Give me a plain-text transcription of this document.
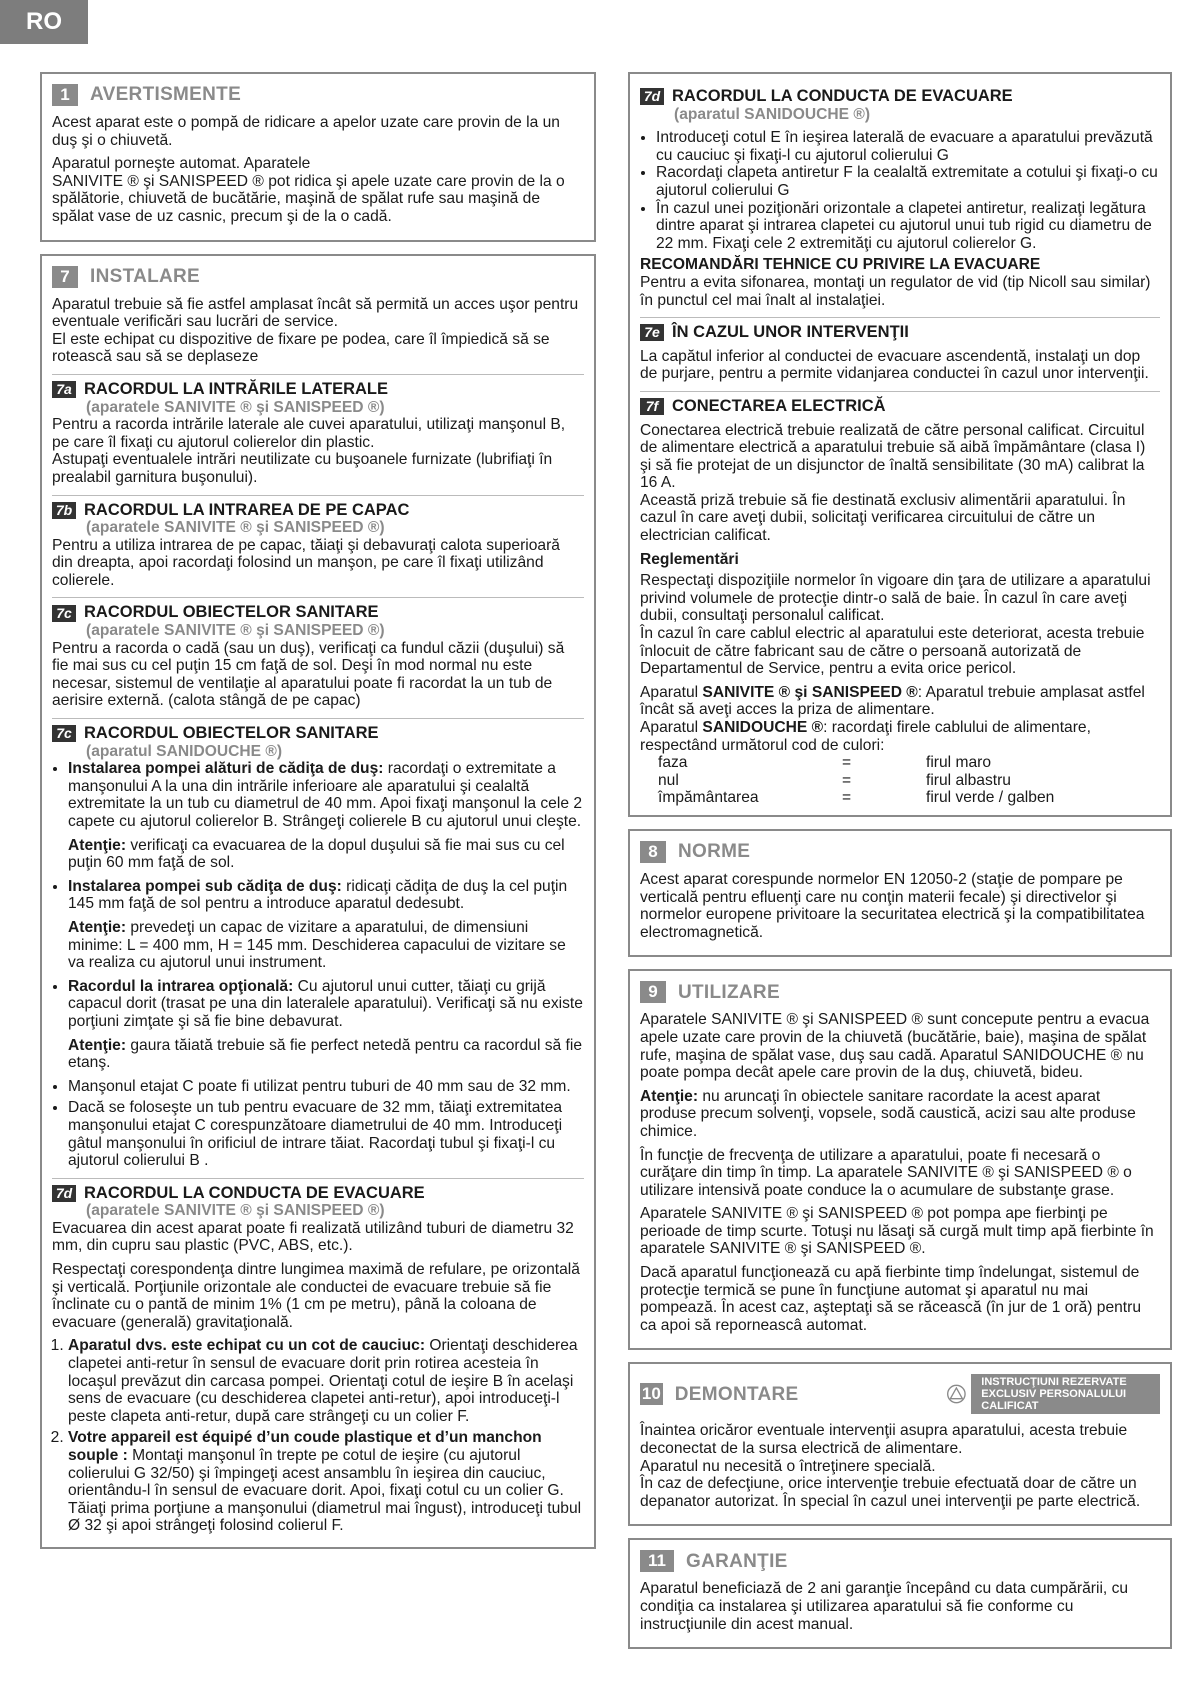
RO
1	AVERTISMENTE

Acest aparat este o pompă de ridicare a apelor uzate care provin de la un duş şi o chiuvetă.

Aparatul porneşte automat. Aparatele

SANIVITE ® şi SANISPEED ® pot ridica şi apele uzate care provin de la o spălătorie, chiuvetă de bucătărie, maşină de spălat rufe sau maşină de spălat vase de uz casnic, precum şi de la o cadă.

7	INSTALARE

Aparatul trebuie să fie astfel amplasat încât să permită un acces uşor pentru eventuale verificări sau lucrări de service.

El este echipat cu dispozitive de fixare pe podea, care îl împiedică să se rotească sau să se deplaseze

7a RACORDUL LA INTRĂRILE LATERALE
(aparatele SANIVITE ® şi SANISPEED ®)

Pentru a racorda intrările laterale ale cuvei aparatului, utilizaţi manşonul B, pe care îl fixaţi cu ajutorul colierelor din plastic.

Astupaţi eventualele intrări neutilizate cu buşoanele furnizate (lubrifiaţi în prealabil garnitura buşonului).

7b RACORDUL LA INTRAREA DE PE CAPAC
(aparatele SANIVITE ® şi SANISPEED ®)

Pentru a utiliza intrarea de pe capac, tăiaţi şi debavuraţi calota superioară din dreapta, apoi racordaţi folosind un manşon, pe care îl fixaţi utilizând colierele.

7c RACORDUL OBIECTELOR SANITARE
(aparatele SANIVITE ® şi SANISPEED ®)

Pentru a racorda o cadă (sau un duş), verificaţi ca fundul căzii (duşului) să fie mai sus cu cel puţin 15 cm faţă de sol. Deşi în mod normal nu este necesar, sistemul de ventilaţie al aparatului poate fi racordat la un tub de aerisire externă. (calota stângă de pe capac)

7c RACORDUL OBIECTELOR SANITARE
(aparatul SANIDOUCHE ®)
• Instalarea pompei alături de cădiţa de duş: racordaţi o extremitate a manşonului A la una din intrările inferioare ale aparatului şi cealaltă extremitate la un tub cu diametrul de 40 mm. Apoi fixaţi manşonul la cele 2 capete cu ajutorul colierelor B. Strângeţi colierele B cu ajutorul unui cleşte.

Atenţie: verificaţi ca evacuarea de la dopul duşului să fie mai sus cu cel puţin 60 mm faţă de sol.

• Instalarea pompei sub cădiţa de duş: ridicaţi cădiţa de duş la cel puţin 145 mm faţă de sol pentru a introduce aparatul dedesubt.

Atenţie: prevedeţi un capac de vizitare a aparatului, de dimensiuni minime: L = 400 mm, H = 145 mm. Deschiderea capacului de vizitare se va realiza cu ajutorul unui instrument.

• Racordul la intrarea opţională: Cu ajutorul unui cutter, tăiaţi cu grijă capacul dorit (trasat pe una din lateralele aparatului). Verificaţi să nu existe porţiuni zimţate şi să fie bine debavurat.

Atenţie: gaura tăiată trebuie să fie perfect netedă pentru ca racordul să fie etanş.

• Manşonul etajat C poate fi utilizat pentru tuburi de 40 mm sau de 32 mm.
• Dacă se foloseşte un tub pentru evacuare de 32 mm, tăiaţi extremitatea manşonului etajat C corespunzătoare diametrului de 40 mm. Introduceţi gâtul manşonului în orificiul de intrare tăiat. Racordaţi tubul şi fixaţi-l cu ajutorul colierului B .
7d RACORDUL LA CONDUCTA DE EVACUARE
(aparatele SANIVITE ® şi SANISPEED ®)

Evacuarea din acest aparat poate fi realizată utilizând tuburi de diametru 32 mm, din cupru sau plastic (PVC, ABS, etc.).

Respectaţi corespondenţa dintre lungimea maximă de refulare, pe orizontală şi verticală. Porţiunile orizontale ale conductei de evacuare trebuie să fie înclinate cu o pantă de minim 1% (1 cm pe metru), până la coloana de evacuare (generală) gravitaţională.

1. Aparatul dvs. este echipat cu un cot de cauciuc: Orientaţi deschiderea clapetei anti-retur în sensul de evacuare dorit prin rotirea acesteia în locaşul prevăzut din carcasa pompei. Orientaţi cotul de ieşire B în acelaşi sens de evacuare (cu deschiderea clapetei anti-retur), apoi introduceţi-l peste clapeta anti-retur, după care strângeţi cu un colier F.
2. Votre appareil est équipé d’un coude plastique et d’un manchon souple : Montaţi manşonul în trepte pe cotul de ieşire (cu ajutorul colierului G 32/50) şi împingeţi acest ansamblu în ieşirea din cauciuc, orientându-l în sensul de evacuare dorit. Apoi, fixaţi cotul cu un colier G. Tăiaţi prima porţiune a manşonului (diametrul mai îngust), introduceţi tubul Ø 32 şi apoi strângeţi folosind colierul F.
7d RACORDUL LA CONDUCTA DE EVACUARE
(aparatul SANIDOUCHE ®)
• Introduceţi cotul E în ieşirea laterală de evacuare a aparatului prevăzută cu cauciuc şi fixaţi-l cu ajutorul colierului G
• Racordaţi clapeta antiretur F la cealaltă extremitate a cotului şi fixaţi-o cu ajutorul colierului G
• În cazul unei poziţionări orizontale a clapetei antiretur, realizaţi legătura dintre aparat şi intrarea clapetei cu ajutorul unui tub rigid cu diametru de 22 mm. Fixaţi cele 2 extremităţi cu ajutorul colierelor G.
RECOMANDĂRI TEHNICE CU PRIVIRE LA EVACUARE

Pentru a evita sifonarea, montaţi un regulator de vid (tip Nicoll sau similar) în punctul cel mai înalt al instalaţiei.

7e ÎN CAZUL UNOR INTERVENŢII

La capătul inferior al conductei de evacuare ascendentă, instalaţi un dop de purjare, pentru a permite vidanjarea conductei în cazul unor intervenţii.

7f CONECTAREA ELECTRICĂ

Conectarea electrică trebuie realizată de către personal calificat. Circuitul de alimentare electrică a aparatului trebuie să aibă împământare (clasa I) şi să fie protejat de un disjunctor de înaltă sensibilitate (30 mA) calibrat la 16 A.

Această priză trebuie să fie destinată exclusiv alimentării aparatului. În cazul în care aveţi dubii, solicitaţi verificarea circuitului de către un electrician calificat.

Reglementări

Respectaţi dispoziţiile normelor în vigoare din ţara de utilizare a aparatului privind volumele de protecţie dintr-o sală de baie. În cazul în care aveţi dubii, consultaţi personalul calificat.

În cazul în care cablul electric al aparatului este deteriorat, acesta trebuie înlocuit de către fabricant sau de către o persoană autorizată de Departamentul de Service, pentru a evita orice pericol.

Aparatul SANIVITE ® şi SANISPEED ®: Aparatul trebuie amplasat astfel încât să aveţi acces la priza de alimentare.

Aparatul SANIDOUCHE ®: racordaţi firele cablului de alimentare, respectând următorul cod de culori:

faza	=	firul maro
nul	=	firul albastru
împământarea	=	firul verde / galben
8	NORME

Acest aparat corespunde normelor EN 12050-2 (staţie de pompare pe verticală pentru efluenţi care nu conţin materii fecale) şi directivelor şi normelor europene privitoare la securitatea electrică şi la compatibilitatea electromagnetică.

9	UTILIZARE

Aparatele SANIVITE ® şi SANISPEED ® sunt concepute pentru a evacua apele uzate care provin de la chiuvetă (bucătărie, baie), maşina de spălat rufe, maşina de spălat vase, duş sau cadă. Aparatul SANIDOUCHE ® nu poate pompa decât apele care provin de la duş, chiuvetă, bideu.

Atenţie: nu aruncaţi în obiectele sanitare racordate la acest aparat produse precum solvenţi, vopsele, sodă caustică, acizi sau alte produse chimice.

În funcţie de frecvenţa de utilizare a aparatului, poate fi necesară o curăţare din timp în timp. La aparatele SANIVITE ® şi SANISPEED ® o utilizare intensivă poate conduce la o acumulare de substanţe grase.

Aparatele SANIVITE ® şi SANISPEED ® pot pompa ape fierbinţi pe perioade de timp scurte. Totuşi nu lăsaţi să curgă mult timp apă fierbinte în aparatele SANIVITE ® şi SANISPEED ®.

Dacă aparatul funcţionează cu apă fierbinte timp îndelungat, sistemul de protecţie termică se pune în funcţiune automat şi aparatul nu mai pompează. În acest caz, aşteptaţi să se răcească (în jur de 1 oră) pentru ca apoi să reporneascâ automat.

10 DEMONTARE
INSTRUCŢIUNI REZERVATE EXCLUSIV PERSONALULUI CALIFICAT

Înaintea oricăror eventuale intervenţii asupra aparatului, acesta trebuie deconectat de la sursa electrică de alimentare.

Aparatul nu necesită o întreţinere specială.

În caz de defecţiune, orice intervenţie trebuie efectuată doar de către un depanator autorizat. În special în cazul unei intervenţii pe parte electrică.

11	GARANŢIE

Aparatul beneficiază de 2 ani garanţie începând cu data cumpărării, cu condiţia ca instalarea şi utilizarea aparatului să fie conforme cu instrucţiunile din acest manual.
